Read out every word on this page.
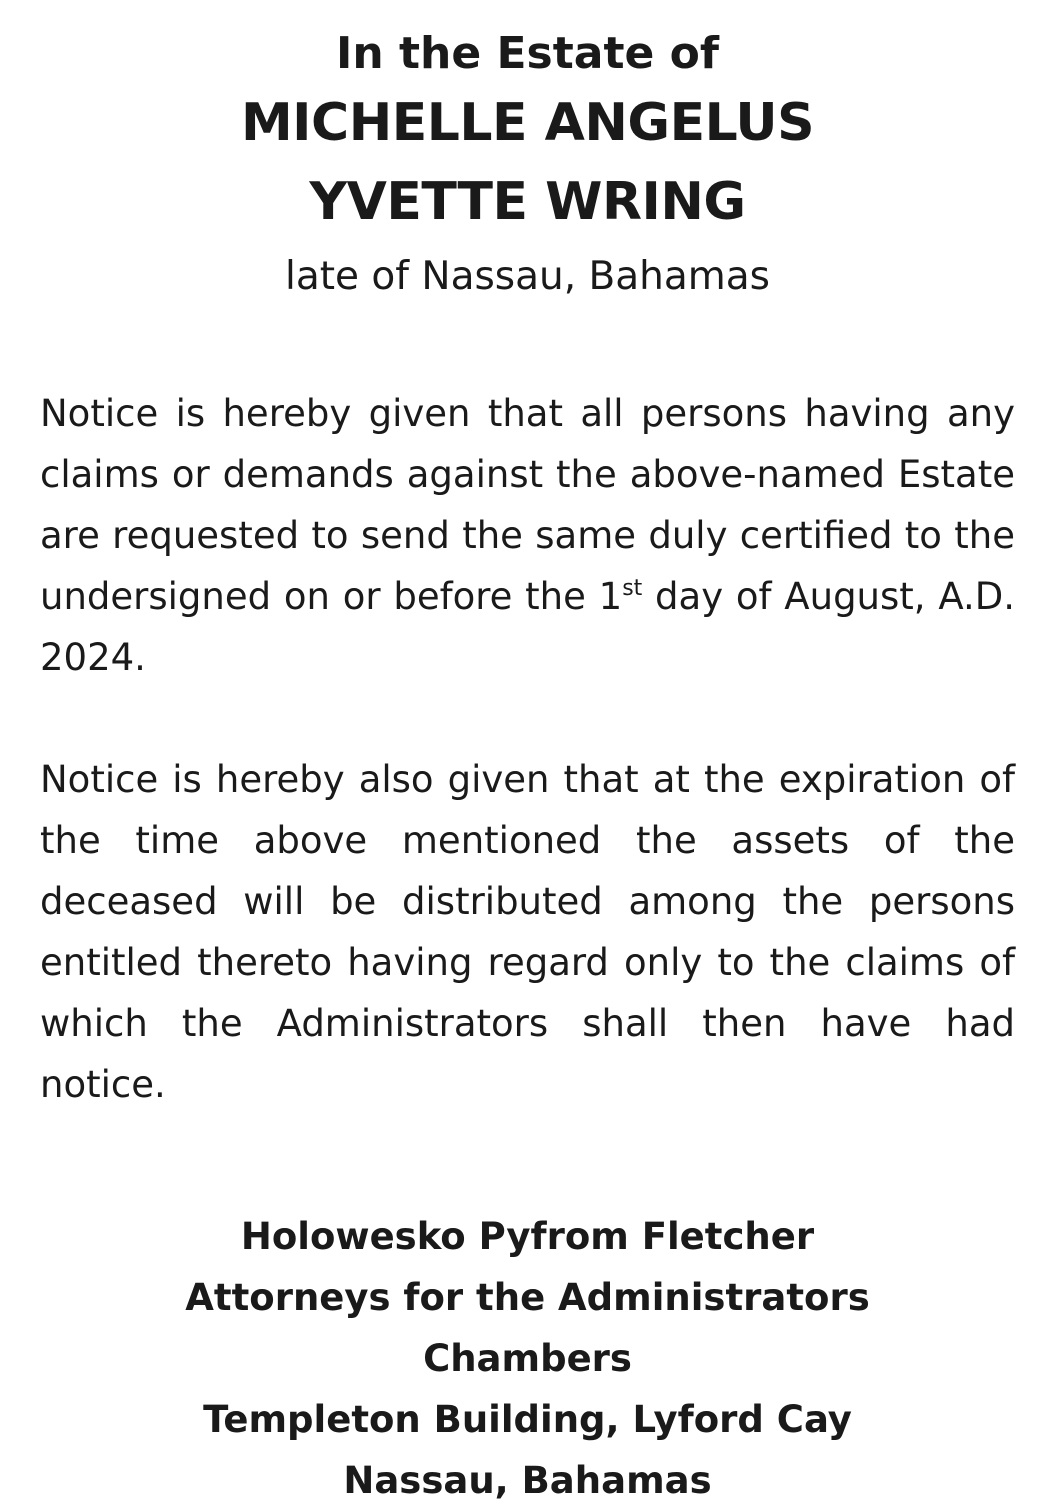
In the Estate of
MICHELLE ANGELUS
YVETTE WRING
late of Nassau, Bahamas

Notice is hereby given that all persons having any claims or demands against the above-named Estate are requested to send the same duly certified to the undersigned on or before the 1st day of August, A.D. 2024.

Notice is hereby also given that at the expiration of the time above mentioned the assets of the deceased will be distributed among the persons entitled thereto having regard only to the claims of which the Administrators shall then have had notice.

Holowesko Pyfrom Fletcher
Attorneys for the Administrators
Chambers
Templeton Building, Lyford Cay
Nassau, Bahamas
